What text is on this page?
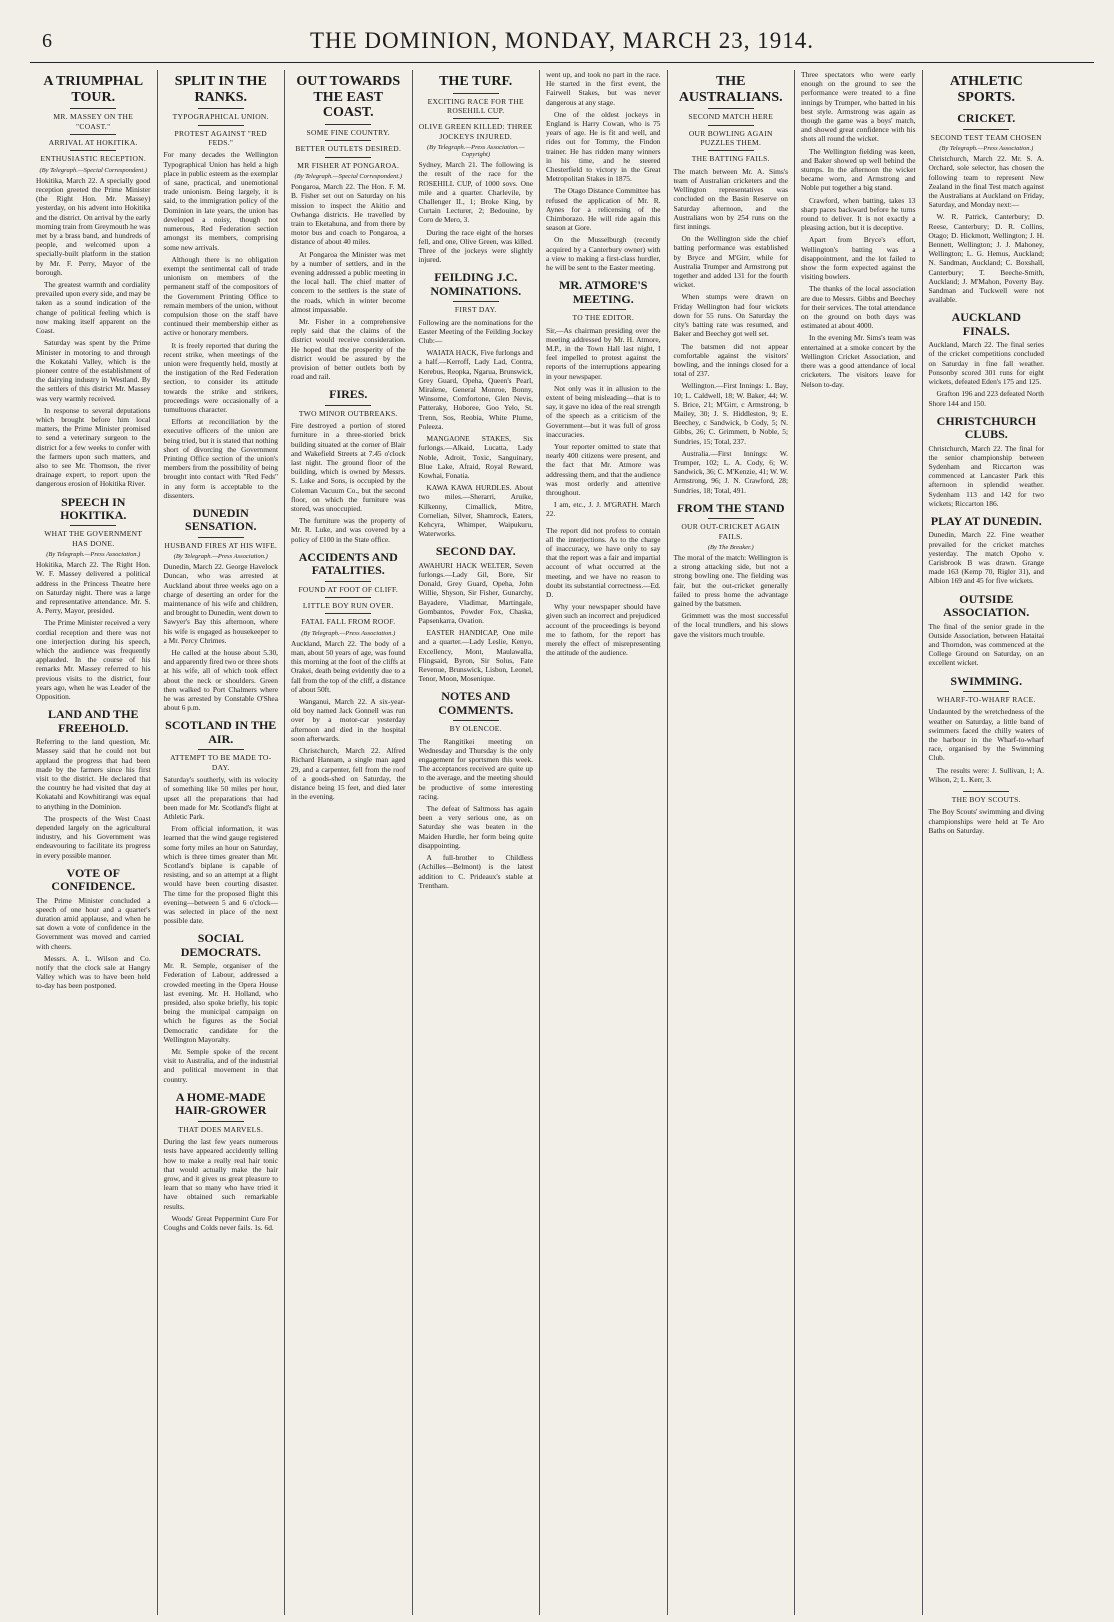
6	THE DOMINION, MONDAY, MARCH 23, 1914.
A TRIUMPHAL TOUR.
MR. MASSEY ON THE "COAST."
ARRIVAL AT HOKITIKA.
ENTHUSIASTIC RECEPTION.
(By Telegraph.—Special Correspondent.)

Hokitika, March 22. A specially good reception greeted the Prime Minister (the Right Hon. Mr. Massey) yesterday, on his advent into Hokitika and the district. On arrival by the early morning train from Greymouth he was met by a brass band, and hundreds of people, and welcomed upon a specially-built platform in the station by Mr. F. Perry, Mayor of the borough.

The greatest warmth and cordiality prevailed upon every side, and may be taken as a sound indication of the change of political feeling which is now making itself apparent on the Coast.

Saturday was spent by the Prime Minister in motoring to and through the Kokatahi Valley, which is the pioneer centre of the establishment of the dairying industry in Westland. By the settlers of this district Mr. Massey was very warmly received.

In response to several deputations which brought before him local matters, the Prime Minister promised to send a veterinary surgeon to the district for a few weeks to confer with the farmers upon such matters, and also to see Mr. Thomson, the river drainage expert, to report upon the dangerous erosion of Hokitika River.

SPEECH IN HOKITIKA.
WHAT THE GOVERNMENT HAS DONE.
(By Telegraph.—Press Association.)

Hokitika, March 22. The Right Hon. W. F. Massey delivered a political address in the Princess Theatre here on Saturday night. There was a large and representative attendance. Mr. S. A. Perry, Mayor, presided.

The Prime Minister received a very cordial reception and there was not one interjection during his speech, which the audience was frequently applauded. In the course of his remarks Mr. Massey referred to his previous visits to the district, four years ago, when he was Leader of the Opposition.

LAND AND THE FREEHOLD.

Referring to the land question, Mr. Massey said that he could not but applaud the progress that had been made by the farmers since his first visit to the district. He declared that the country he had visited that day at Kokatahi and Kowhitirangi was equal to anything in the Dominion.

The prospects of the West Coast depended largely on the agricultural industry, and his Government was endeavouring to facilitate its progress in every possible manner.

VOTE OF CONFIDENCE.

The Prime Minister concluded a speech of one hour and a quarter's duration amid applause, and when he sat down a vote of confidence in the Government was moved and carried with cheers.

Messrs. A. L. Wilson and Co. notify that the clock sale at Hangry Valley which was to have been held to-day has been postponed.

SPLIT IN THE RANKS.
TYPOGRAPHICAL UNION.
PROTEST AGAINST "RED FEDS."

For many decades the Wellington Typographical Union has held a high place in public esteem as the exemplar of sane, practical, and unemotional trade unionism. Being largely, it is said, to the immigration policy of the Dominion in late years, the union has developed a noisy, though not numerous, Red Federation section amongst its members, comprising some new arrivals.

Although there is no obligation exempt the sentimental call of trade unionism on members of the permanent staff of the compositors of the Government Printing Office to remain members of the union, without compulsion those on the staff have continued their membership either as active or honorary members.

It is freely reported that during the recent strike, when meetings of the union were frequently held, mostly at the instigation of the Red Federation section, to consider its attitude towards the strike and strikers, proceedings were occasionally of a tumultuous character.

Efforts at reconciliation by the executive officers of the union are being tried, but it is stated that nothing short of divorcing the Government Printing Office section of the union's members from the possibility of being brought into contact with "Red Feds" in any form is acceptable to the dissenters.

DUNEDIN SENSATION.
HUSBAND FIRES AT HIS WIFE.
(By Telegraph.—Press Association.)

Dunedin, March 22. George Havelock Duncan, who was arrested at Auckland about three weeks ago on a charge of deserting an order for the maintenance of his wife and children, and brought to Dunedin, went down to Sawyer's Bay this afternoon, where his wife is engaged as housekeeper to a Mr. Percy Chrimes.

He called at the house about 5.30, and apparently fired two or three shots at his wife, all of which took effect about the neck or shoulders. Green then walked to Port Chalmers where he was arrested by Constable O'Shea about 6 p.m.

SCOTLAND IN THE AIR.
ATTEMPT TO BE MADE TO-DAY.

Saturday's southerly, with its velocity of something like 50 miles per hour, upset all the preparations that had been made for Mr. Scotland's flight at Athletic Park.

From official information, it was learned that the wind gauge registered some forty miles an hour on Saturday, which is three times greater than Mr. Scotland's biplane is capable of resisting, and so an attempt at a flight would have been courting disaster. The time for the proposed flight this evening—between 5 and 6 o'clock—was selected in place of the next possible date.

SOCIAL DEMOCRATS.

Mr. R. Semple, organiser of the Federation of Labour, addressed a crowded meeting in the Opera House last evening. Mr. H. Holland, who presided, also spoke briefly, his topic being the municipal campaign on which he figures as the Social Democratic candidate for the Wellington Mayoralty.

Mr. Semple spoke of the recent visit to Australia, and of the industrial and political movement in that country.

A HOME-MADE HAIR-GROWER
THAT DOES MARVELS.

During the last few years numerous tests have appeared accidently telling how to make a really real hair tonic that would actually make the hair grow, and it gives us great pleasure to learn that so many who have tried it have obtained such remarkable results.

Woods' Great Peppermint Cure For Coughs and Colds never fails. 1s. 6d.

OUT TOWARDS THE EAST COAST.
SOME FINE COUNTRY.
BETTER OUTLETS DESIRED.
MR FISHER AT PONGAROA.
(By Telegraph.—Special Correspondent.)

Pongaroa, March 22. The Hon. F. M. B. Fisher set out on Saturday on his mission to inspect the Akitio and Owhanga districts. He travelled by train to Eketahuna, and from there by motor bus and coach to Pongaroa, a distance of about 40 miles.

At Pongaroa the Minister was met by a number of settlers, and in the evening addressed a public meeting in the local hall. The chief matter of concern to the settlers is the state of the roads, which in winter become almost impassable.

Mr. Fisher in a comprehensive reply said that the claims of the district would receive consideration. He hoped that the prosperity of the district would be assured by the provision of better outlets both by road and rail.

FIRES.
TWO MINOR OUTBREAKS.

Fire destroyed a portion of stored furniture in a three-storied brick building situated at the corner of Blair and Wakefield Streets at 7.45 o'clock last night. The ground floor of the building, which is owned by Messrs. S. Luke and Sons, is occupied by the Coleman Vacuum Co., but the second floor, on which the furniture was stored, was unoccupied.

The furniture was the property of Mr. R. Luke, and was covered by a policy of £100 in the State office.

ACCIDENTS AND FATALITIES.
FOUND AT FOOT OF CLIFF.
LITTLE BOY RUN OVER.
FATAL FALL FROM ROOF.
(By Telegraph.—Press Association.)

Auckland, March 22. The body of a man, about 50 years of age, was found this morning at the foot of the cliffs at Orakei, death being evidently due to a fall from the top of the cliff, a distance of about 50ft.

Wanganui, March 22. A six-year-old boy named Jack Gonnell was run over by a motor-car yesterday afternoon and died in the hospital soon afterwards.

Christchurch, March 22. Alfred Richard Hannam, a single man aged 29, and a carpenter, fell from the roof of a goods-shed on Saturday, the distance being 15 feet, and died later in the evening.

THE TURF.
EXCITING RACE FOR THE ROSEHILL CUP.
OLIVE GREEN KILLED: THREE JOCKEYS INJURED.
(By Telegraph.—Press Association.—Copyright)

Sydney, March 21. The following is the result of the race for the ROSEHILL CUP, of 1000 sovs. One mile and a quarter. Charlevile, by Challenger II., 1; Broke King, by Curtain Lecturer, 2; Bedouine, by Coro de Mero, 3.

During the race eight of the horses fell, and one, Olive Green, was killed. Three of the jockeys were slightly injured.

FEILDING J.C. NOMINATIONS.
FIRST DAY.

Following are the nominations for the Easter Meeting of the Feilding Jockey Club:—

WAIATA HACK, Five furlongs and a half.—Kerroff, Lady Lad, Contra, Kerebus, Reopka, Ngarua, Brunswick, Grey Guard, Opeha, Queen's Pearl, Miralene, General Monroe, Bonny, Winsome, Comfortone, Glen Nevis, Patteraky, Hoboree, Goo Yelo, St. Trenn, Sos, Reobia, White Plume, Poleeza.

MANGAONE STAKES, Six furlongs.—Alkaid, Lucatta, Lady Noble, Adroit, Toxic, Sanguinary, Blue Lake, Afraid, Royal Reward, Kowhai, Fonatia.

KAWA KAWA HURDLES. About two miles.—Sherarri, Aruike, Kilkenny, Cimallick, Mitre, Cornelian, Silver, Shamrock, Eaters, Kehcyra, Whimper, Waipukuru, Waterworks.

SECOND DAY.

AWAHURI HACK WELTER, Seven furlongs.—Lady Gil, Bore, Sir Donald, Grey Guard, Opeha, John Willie, Shyson, Sir Fisher, Gunarchy, Bayadere, Vladimar, Martingale, Gombantos, Powder Fox, Chaska, Papsenkarra, Ovation.

EASTER HANDICAP, One mile and a quarter.—Lady Leslie, Kenyo, Excellency, Mont, Maulawalla, Flingsaid, Byron, Sir Solus, Fate Revenue, Brunswick, Lisbon, Leonel, Tenor, Moon, Mosenique.

NOTES AND COMMENTS.
BY OLENCOE.

The Rangitikei meeting on Wednesday and Thursday is the only engagement for sportsmen this week. The acceptances received are quite up to the average, and the meeting should be productive of some interesting racing.

The defeat of Saltmoss has again been a very serious one, as on Saturday she was beaten in the Maiden Hurdle, her form being quite disappointing.

A full-brother to Childless (Achilles—Belmont) is the latest addition to C. Prideaux's stable at Trentham.

went up, and took no part in the race. He started in the first event, the Fairwell Stakes, but was never dangerous at any stage.

One of the oldest jockeys in England is Harry Cowan, who is 75 years of age. He is fit and well, and rides out for Tommy, the Findon trainer. He has ridden many winners in his time, and he steered Chesterfield to victory in the Great Metropolitan Stakes in 1875.

The Otago Distance Committee has refused the application of Mr. R. Aynes for a relicensing of the Chimborazo. He will ride again this season at Gore.

On the Musselburgh (recently acquired by a Canterbury owner) with a view to making a first-class hurdler, he will be sent to the Easter meeting.

MR. ATMORE'S MEETING.
TO THE EDITOR.

Sir,—As chairman presiding over the meeting addressed by Mr. H. Atmore, M.P., in the Town Hall last night, I feel impelled to protest against the reports of the interruptions appearing in your newspaper.

Not only was it in allusion to the extent of being misleading—that is to say, it gave no idea of the real strength of the speech as a criticism of the Government—but it was full of gross inaccuracies.

Your reporter omitted to state that nearly 400 citizens were present, and the fact that Mr. Atmore was addressing them, and that the audience was most orderly and attentive throughout.

I am, etc., J. J. M'GRATH. March 22.

The report did not profess to contain all the interjections. As to the charge of inaccuracy, we have only to say that the report was a fair and impartial account of what occurred at the meeting, and we have no reason to doubt its substantial correctness.—Ed. D.

Why your newspaper should have given such an incorrect and prejudiced account of the proceedings is beyond me to fathom, for the report has merely the effect of misrepresenting the attitude of the audience.

THE AUSTRALIANS.
SECOND MATCH HERE
OUR BOWLING AGAIN PUZZLES THEM.
THE BATTING FAILS.

The match between Mr. A. Sims's team of Australian cricketers and the Wellington representatives was concluded on the Basin Reserve on Saturday afternoon, and the Australians won by 254 runs on the first innings.

On the Wellington side the chief batting performance was established by Bryce and M'Girr, while for Australia Trumper and Armstrong put together and added 131 for the fourth wicket.

When stumps were drawn on Friday Wellington had four wickets down for 55 runs. On Saturday the city's batting rate was resumed, and Baker and Beechey got well set.

The batsmen did not appear comfortable against the visitors' bowling, and the innings closed for a total of 237.

Wellington.—First Innings: L. Bay, 10; L. Caldwell, 18; W. Baker, 44; W. S. Brice, 21; M'Girr, c Armstrong, b Mailey, 30; J. S. Hiddleston, 9; E. Beechey, c Sandwick, b Cody, 5; N. Gibbs, 26; C. Grimmett, b Noble, 5; Sundries, 15; Total, 237.

Australia.—First Innings: W. Trumper, 102; L. A. Cody, 6; W. Sandwick, 36; C. M'Kenzie, 41; W. W. Armstrong, 96; J. N. Crawford, 28; Sundries, 18; Total, 491.

FROM THE STAND
OUR OUT-CRICKET AGAIN FAILS.
(By The Breaker.)

The moral of the match: Wellington is a strong attacking side, but not a strong bowling one. The fielding was fair, but the out-cricket generally failed to press home the advantage gained by the batsmen.

Grimmett was the most successful of the local trundlers, and his slows gave the visitors much trouble.

Three spectators who were early enough on the ground to see the performance were treated to a fine innings by Trumper, who batted in his best style. Armstrong was again as though the game was a boys' match, and showed great confidence with his shots all round the wicket.

The Wellington fielding was keen, and Baker showed up well behind the stumps. In the afternoon the wicket became worn, and Armstrong and Noble put together a big stand.

Crawford, when batting, takes 13 sharp paces backward before he turns round to deliver. It is not exactly a pleasing action, but it is deceptive.

Apart from Bryce's effort, Wellington's batting was a disappointment, and the lot failed to show the form expected against the visiting bowlers.

The thanks of the local association are due to Messrs. Gibbs and Beechey for their services. The total attendance on the ground on both days was estimated at about 4000.

In the evening Mr. Sims's team was entertained at a smoke concert by the Wellington Cricket Association, and there was a good attendance of local cricketers. The visitors leave for Nelson to-day.

ATHLETIC SPORTS.
CRICKET.
SECOND TEST TEAM CHOSEN
(By Telegraph.—Press Association.)

Christchurch, March 22. Mr. S. A. Orchard, sole selector, has chosen the following team to represent New Zealand in the final Test match against the Australians at Auckland on Friday, Saturday, and Monday next:—

W. R. Patrick, Canterbury; D. Reese, Canterbury; D. R. Collins, Otago; D. Hickmott, Wellington; J. H. Bennett, Wellington; J. J. Mahoney, Wellington; L. G. Hemus, Auckland; N. Sandman, Auckland; C. Boxshall, Canterbury; T. Beeche-Smith, Auckland; J. M'Mahon, Poverty Bay. Sandman and Tuckwell were not available.

AUCKLAND FINALS.

Auckland, March 22. The final series of the cricket competitions concluded on Saturday in fine fall weather. Ponsonby scored 301 runs for eight wickets, defeated Eden's 175 and 125.

Grafton 196 and 223 defeated North Shore 144 and 150.

CHRISTCHURCH CLUBS.

Christchurch, March 22. The final for the senior championship between Sydenham and Riccarton was commenced at Lancaster Park this afternoon in splendid weather. Sydenham 113 and 142 for two wickets; Riccarton 186.

PLAY AT DUNEDIN.

Dunedin, March 22. Fine weather prevailed for the cricket matches yesterday. The match Opoho v. Carisbrook B was drawn. Grange made 163 (Kemp 70, Rigler 31), and Albion 169 and 45 for five wickets.

OUTSIDE ASSOCIATION.

The final of the senior grade in the Outside Association, between Hataitai and Thorndon, was commenced at the College Ground on Saturday, on an excellent wicket.

SWIMMING.
WHARF-TO-WHARF RACE.

Undaunted by the wretchedness of the weather on Saturday, a little band of swimmers faced the chilly waters of the harbour in the Wharf-to-wharf race, organised by the Swimming Club.

The results were: J. Sullivan, 1; A. Wilson, 2; L. Kerr, 3.

THE BOY SCOUTS.

The Boy Scouts' swimming and diving championships were held at Te Aro Baths on Saturday.
